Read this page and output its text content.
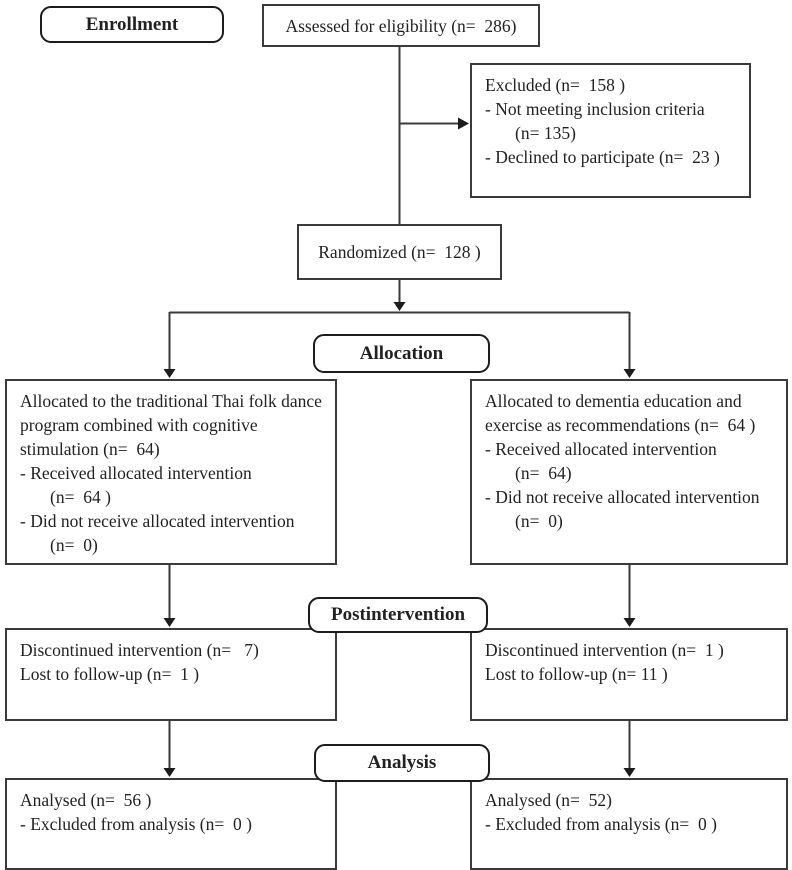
Enrollment	Assessed for eligibility (n=  286)
Excluded (n=  158 )
- Not meeting inclusion criteria
(n= 135)
- Declined to participate (n=  23 )
Randomized (n=  128 )
Allocation
Allocated to the traditional Thai folk dance program combined with cognitive stimulation (n=  64)
- Received allocated intervention
(n=  64 )
- Did not receive allocated intervention
(n=  0)
Allocated to dementia education and exercise as recommendations (n=  64 )
- Received allocated intervention
(n=  64)
- Did not receive allocated intervention
(n=  0)
Postintervention
Discontinued intervention (n=   7)
Lost to follow-up (n=  1 )
Discontinued intervention (n=  1 )
Lost to follow-up (n= 11 )
Analysis
Analysed (n=  56 )
- Excluded from analysis (n=  0 )
Analysed (n=  52)
- Excluded from analysis (n=  0 )
